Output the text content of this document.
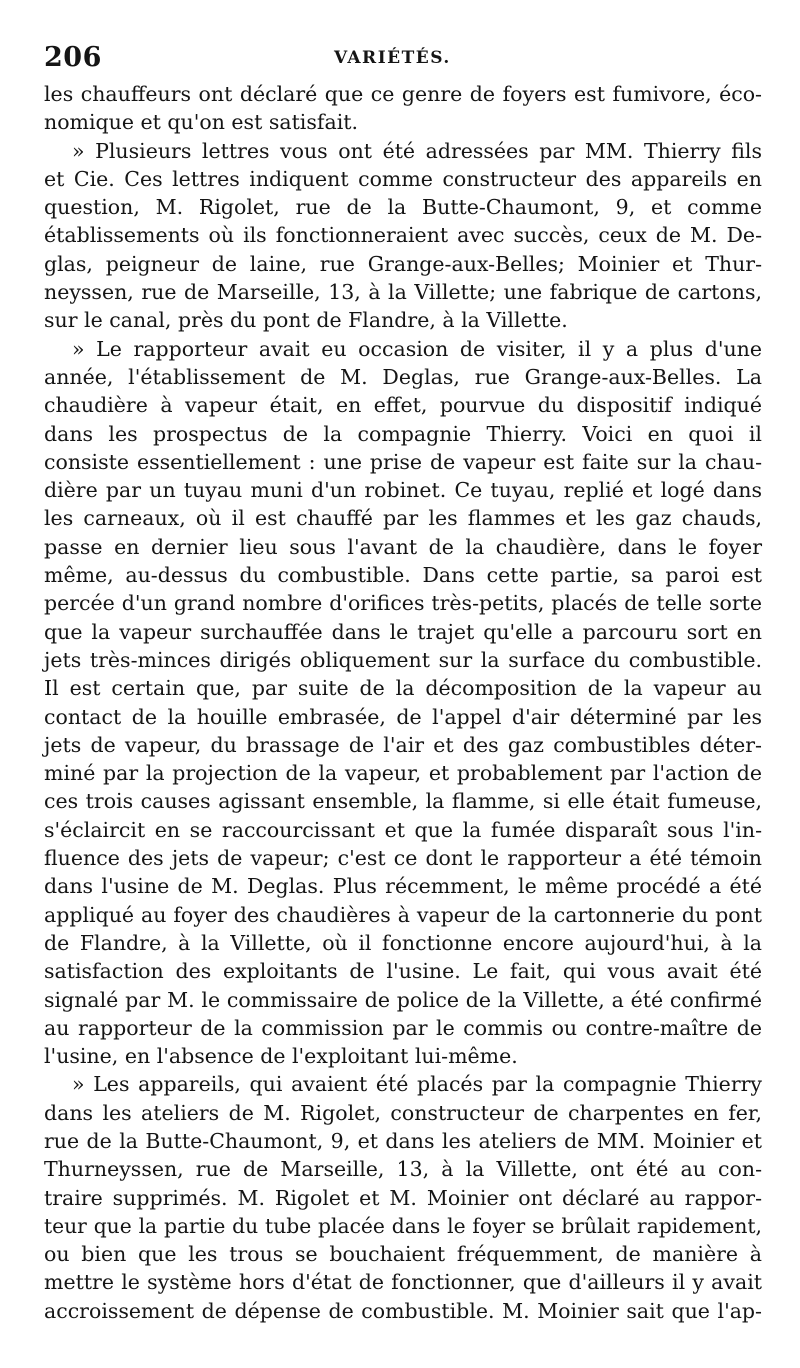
206	VARIÉTÉS.
les chauffeurs ont déclaré que ce genre de foyers est fumivore, éco-
nomique et qu'on est satisfait.
» Plusieurs lettres vous ont été adressées par MM. Thierry fils
et Cie. Ces lettres indiquent comme constructeur des appareils en
question, M. Rigolet, rue de la Butte-Chaumont, 9, et comme
établissements où ils fonctionneraient avec succès, ceux de M. De-
glas, peigneur de laine, rue Grange-aux-Belles; Moinier et Thur-
neyssen, rue de Marseille, 13, à la Villette; une fabrique de cartons,
sur le canal, près du pont de Flandre, à la Villette.
» Le rapporteur avait eu occasion de visiter, il y a plus d'une
année, l'établissement de M. Deglas, rue Grange-aux-Belles. La
chaudière à vapeur était, en effet, pourvue du dispositif indiqué
dans les prospectus de la compagnie Thierry. Voici en quoi il
consiste essentiellement : une prise de vapeur est faite sur la chau-
dière par un tuyau muni d'un robinet. Ce tuyau, replié et logé dans
les carneaux, où il est chauffé par les flammes et les gaz chauds,
passe en dernier lieu sous l'avant de la chaudière, dans le foyer
même, au-dessus du combustible. Dans cette partie, sa paroi est
percée d'un grand nombre d'orifices très-petits, placés de telle sorte
que la vapeur surchauffée dans le trajet qu'elle a parcouru sort en
jets très-minces dirigés obliquement sur la surface du combustible.
Il est certain que, par suite de la décomposition de la vapeur au
contact de la houille embrasée, de l'appel d'air déterminé par les
jets de vapeur, du brassage de l'air et des gaz combustibles déter-
miné par la projection de la vapeur, et probablement par l'action de
ces trois causes agissant ensemble, la flamme, si elle était fumeuse,
s'éclaircit en se raccourcissant et que la fumée disparaît sous l'in-
fluence des jets de vapeur; c'est ce dont le rapporteur a été témoin
dans l'usine de M. Deglas. Plus récemment, le même procédé a été
appliqué au foyer des chaudières à vapeur de la cartonnerie du pont
de Flandre, à la Villette, où il fonctionne encore aujourd'hui, à la
satisfaction des exploitants de l'usine. Le fait, qui vous avait été
signalé par M. le commissaire de police de la Villette, a été confirmé
au rapporteur de la commission par le commis ou contre-maître de
l'usine, en l'absence de l'exploitant lui-même.
» Les appareils, qui avaient été placés par la compagnie Thierry
dans les ateliers de M. Rigolet, constructeur de charpentes en fer,
rue de la Butte-Chaumont, 9, et dans les ateliers de MM. Moinier et
Thurneyssen, rue de Marseille, 13, à la Villette, ont été au con-
traire supprimés. M. Rigolet et M. Moinier ont déclaré au rappor-
teur que la partie du tube placée dans le foyer se brûlait rapidement,
ou bien que les trous se bouchaient fréquemment, de manière à
mettre le système hors d'état de fonctionner, que d'ailleurs il y avait
accroissement de dépense de combustible. M. Moinier sait que l'ap-
